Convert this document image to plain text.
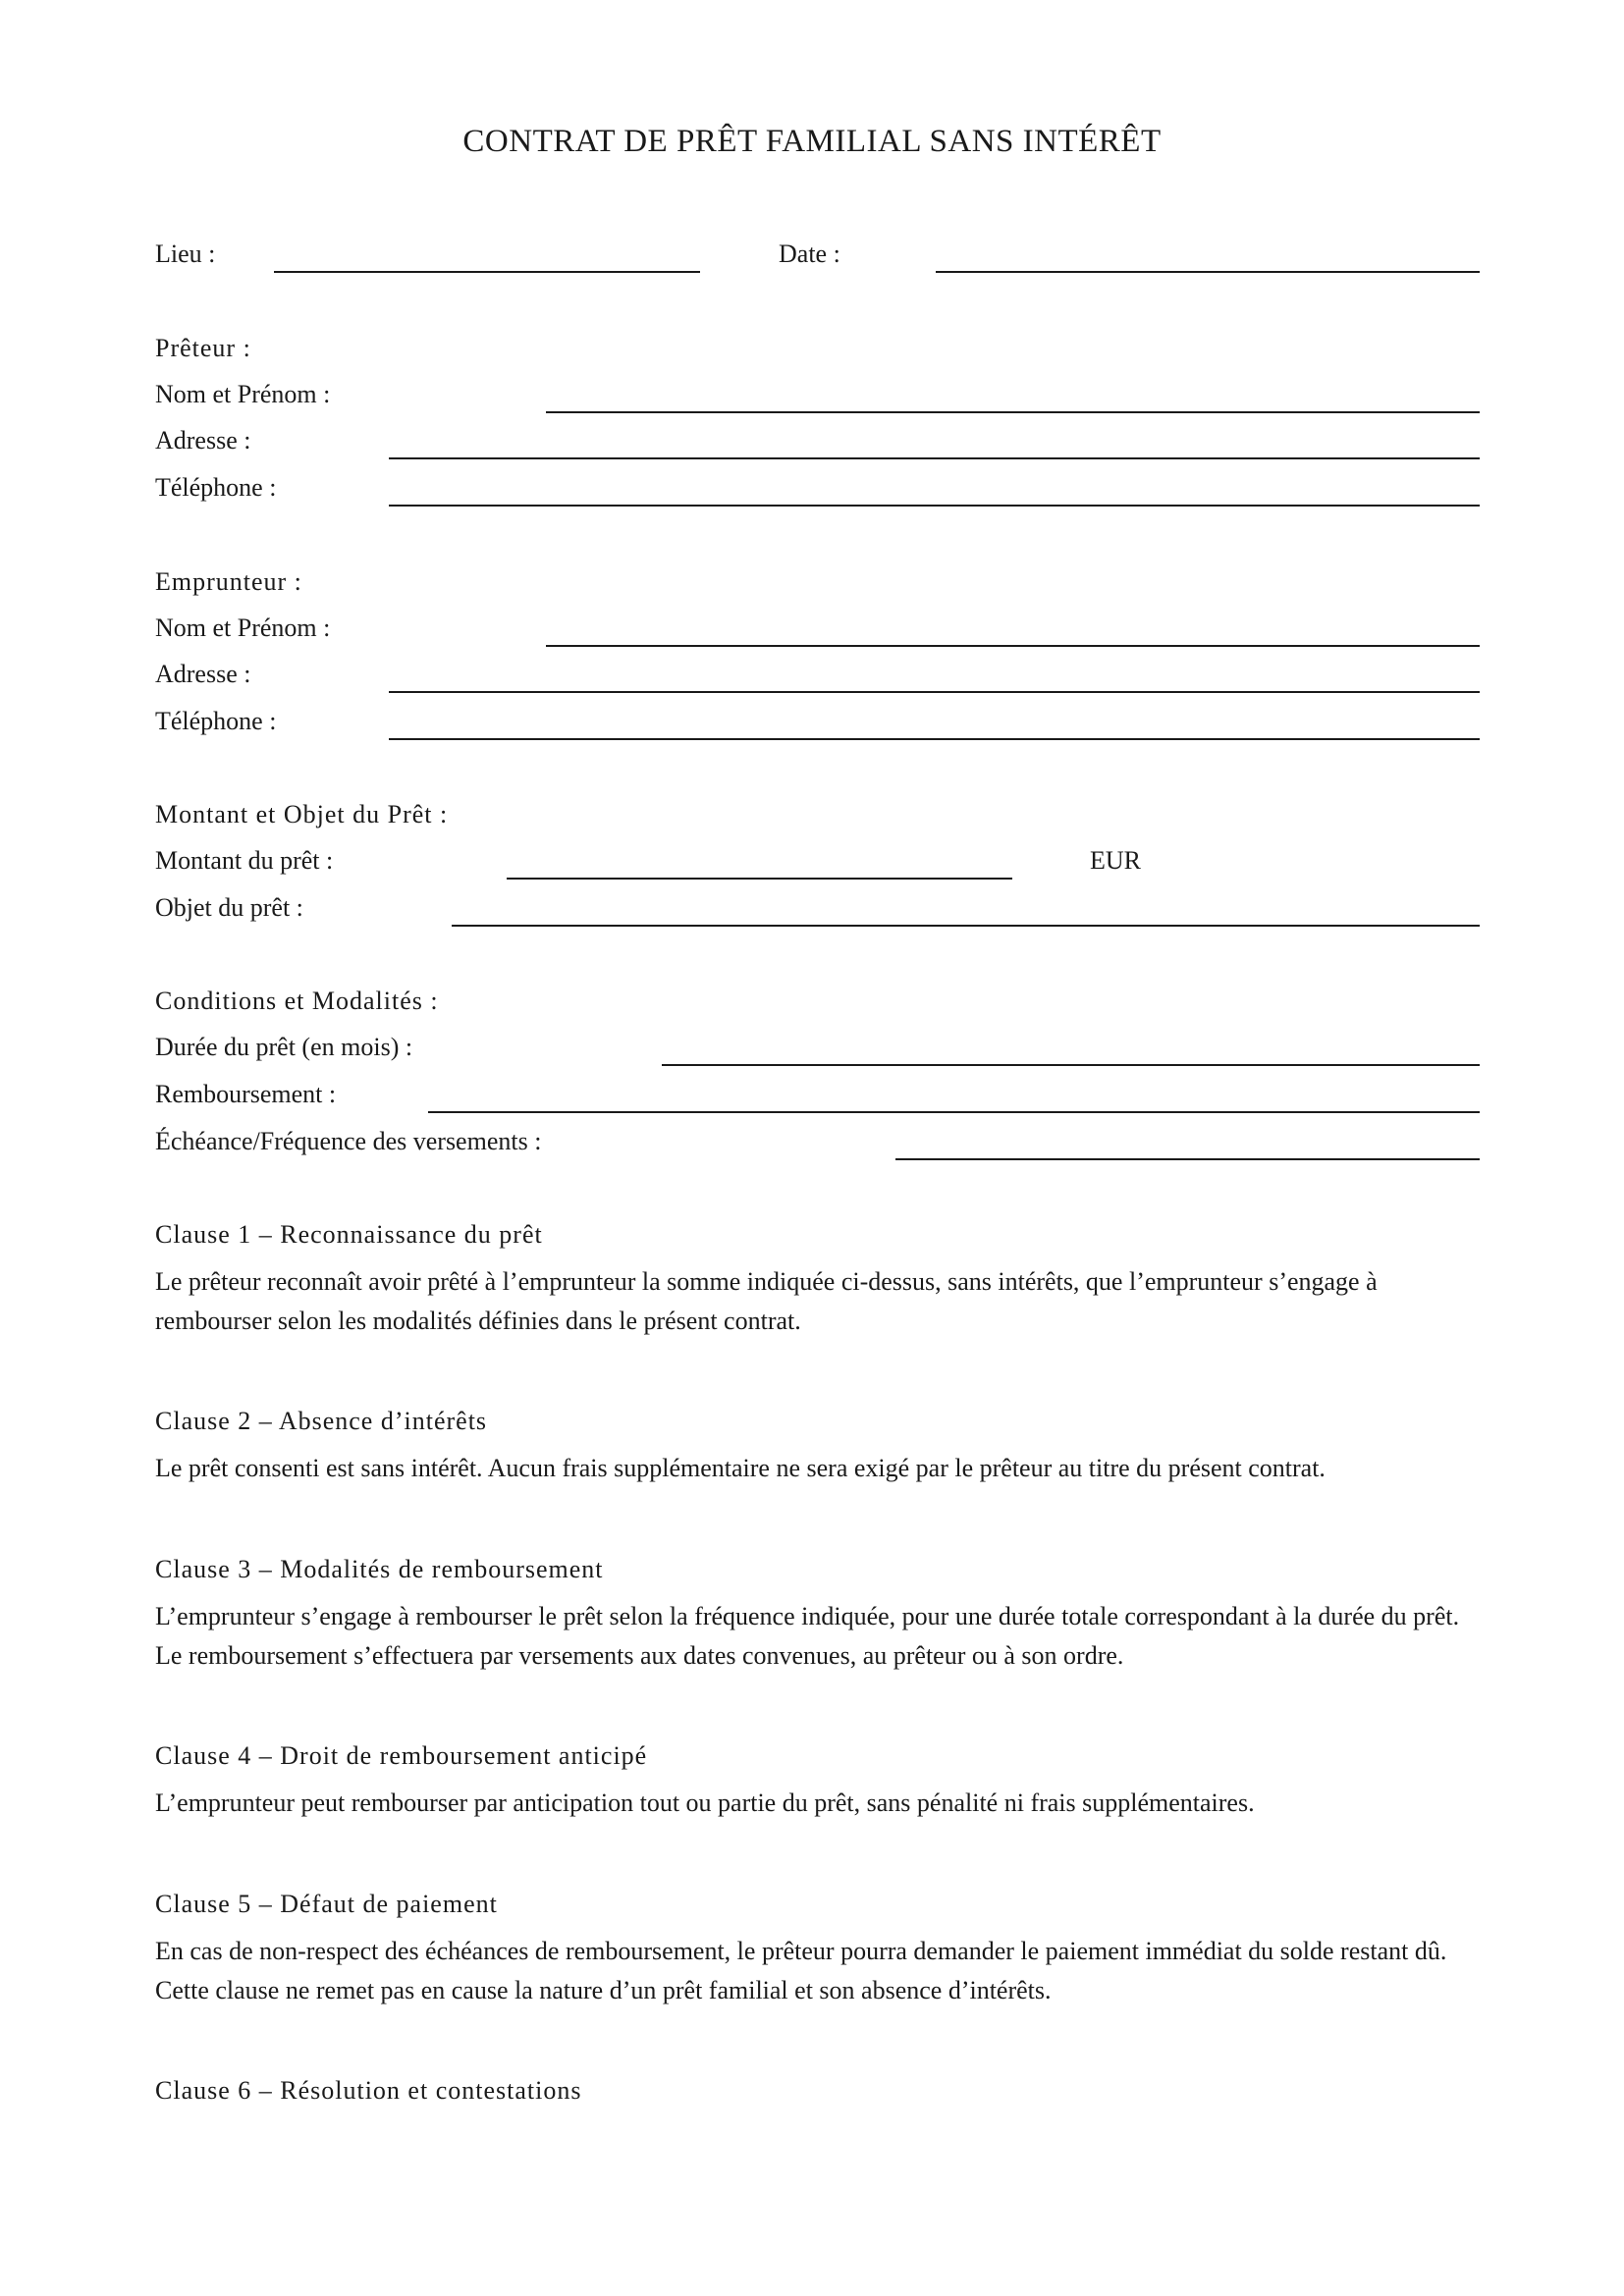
CONTRAT DE PRÊT FAMILIAL SANS INTÉRÊT
Lieu :	Date :
Prêteur :
Nom et Prénom :
Adresse :
Téléphone :
Emprunteur :
Nom et Prénom :
Adresse :
Téléphone :
Montant et Objet du Prêt :
Montant du prêt :	EUR
Objet du prêt :
Conditions et Modalités :
Durée du prêt (en mois) :
Remboursement :
Échéance/Fréquence des versements :
Clause 1 – Reconnaissance du prêt
Le prêteur reconnaît avoir prêté à l’emprunteur la somme indiquée ci-dessus, sans intérêts, que l’emprunteur s’engage à rembourser selon les modalités définies dans le présent contrat.
Clause 2 – Absence d’intérêts
Le prêt consenti est sans intérêt. Aucun frais supplémentaire ne sera exigé par le prêteur au titre du présent contrat.
Clause 3 – Modalités de remboursement
L’emprunteur s’engage à rembourser le prêt selon la fréquence indiquée, pour une durée totale correspondant à la durée du prêt. Le remboursement s’effectuera par versements aux dates convenues, au prêteur ou à son ordre.
Clause 4 – Droit de remboursement anticipé
L’emprunteur peut rembourser par anticipation tout ou partie du prêt, sans pénalité ni frais supplémentaires.
Clause 5 – Défaut de paiement
En cas de non-respect des échéances de remboursement, le prêteur pourra demander le paiement immédiat du solde restant dû. Cette clause ne remet pas en cause la nature d’un prêt familial et son absence d’intérêts.
Clause 6 – Résolution et contestations
